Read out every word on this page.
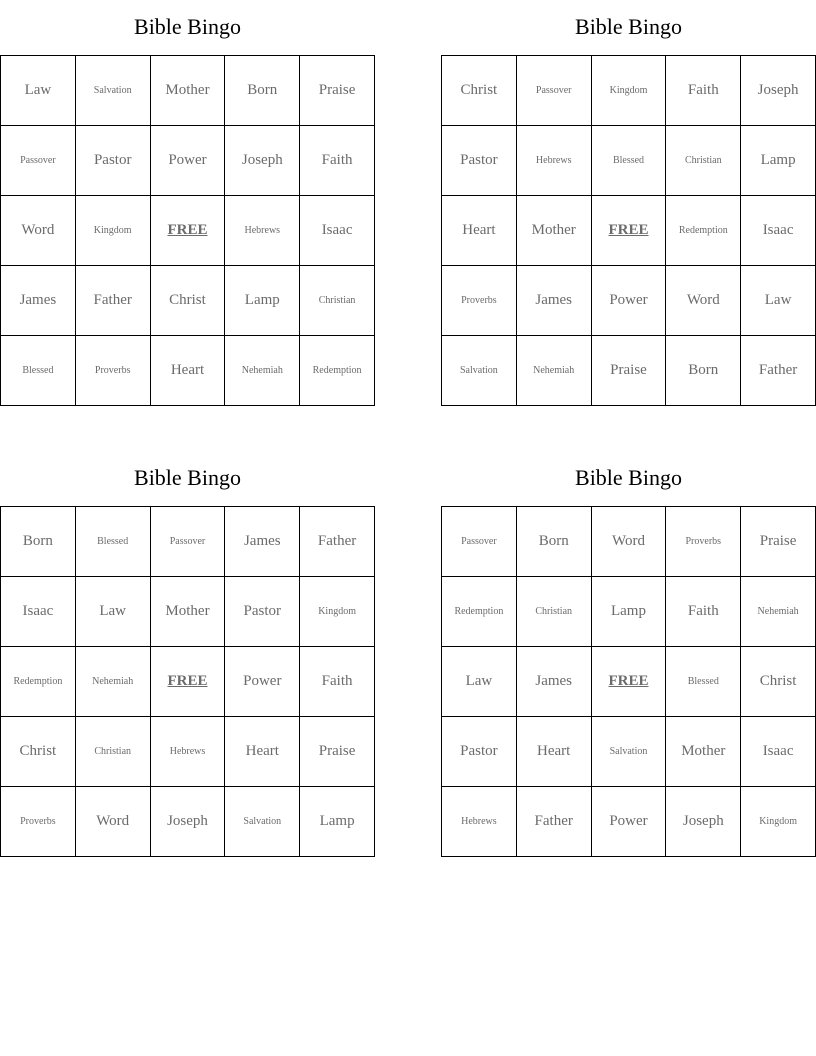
Bible Bingo
Law	Salvation	Mother	Born	Praise
Passover	Pastor	Power	Joseph	Faith
Word	Kingdom	FREE	Hebrews	Isaac
James	Father	Christ	Lamp	Christian
Blessed	Proverbs	Heart	Nehemiah	Redemption
Bible Bingo
Christ	Passover	Kingdom	Faith	Joseph
Pastor	Hebrews	Blessed	Christian	Lamp
Heart	Mother	FREE	Redemption	Isaac
Proverbs	James	Power	Word	Law
Salvation	Nehemiah	Praise	Born	Father
Bible Bingo
Born	Blessed	Passover	James	Father
Isaac	Law	Mother	Pastor	Kingdom
Redemption	Nehemiah	FREE	Power	Faith
Christ	Christian	Hebrews	Heart	Praise
Proverbs	Word	Joseph	Salvation	Lamp
Bible Bingo
Passover	Born	Word	Proverbs	Praise
Redemption	Christian	Lamp	Faith	Nehemiah
Law	James	FREE	Blessed	Christ
Pastor	Heart	Salvation	Mother	Isaac
Hebrews	Father	Power	Joseph	Kingdom
